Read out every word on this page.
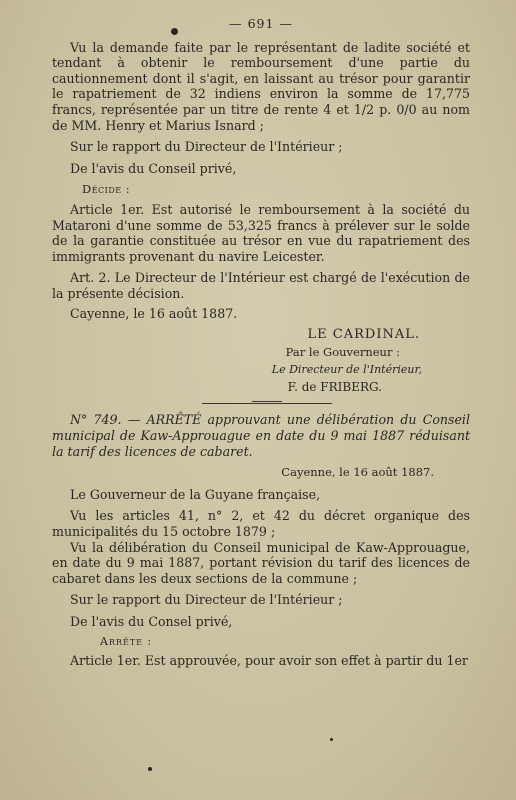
— 691 —

Vu la demande faite par le représentant de ladite société et tendant à obtenir le remboursement d'une partie du cautionnement dont il s'agit, en laissant au trésor pour garantir le rapatriement de 32 indiens environ la somme de 17,775 francs, représentée par un titre de rente 4 et 1/2 p. 0/0 au nom de MM. Henry et Marius Isnard ;

Sur le rapport du Directeur de l'Intérieur ;

De l'avis du Conseil privé,

Décide :

Article 1er. Est autorisé le remboursement à la société du Mataroni d'une somme de 53,325 francs à prélever sur le solde de la garantie constituée au trésor en vue du rapatriement des immigrants provenant du navire Leicester.

Art. 2. Le Directeur de l'Intérieur est chargé de l'exécution de la présente décision.

Cayenne, le 16 août 1887.
LE CARDINAL.
Par le Gouverneur :
Le Directeur de l'Intérieur,
F. de FRIBERG.

N° 749. — ARRÊTÉ approuvant une délibération du Conseil municipal de Kaw-Approuague en date du 9 mai 1887 réduisant la tarif des licences de cabaret.

Cayenne, le 16 août 1887.

Le Gouverneur de la Guyane française,

Vu les articles 41, n° 2, et 42 du décret organique des municipalités du 15 octobre 1879 ;

Vu la délibération du Conseil municipal de Kaw-Approuague, en date du 9 mai 1887, portant révision du tarif des licences de cabaret dans les deux sections de la commune ;

Sur le rapport du Directeur de l'Intérieur ;

De l'avis du Consel privé,

Arrête :

Article 1er. Est approuvée, pour avoir son effet à partir du 1er
